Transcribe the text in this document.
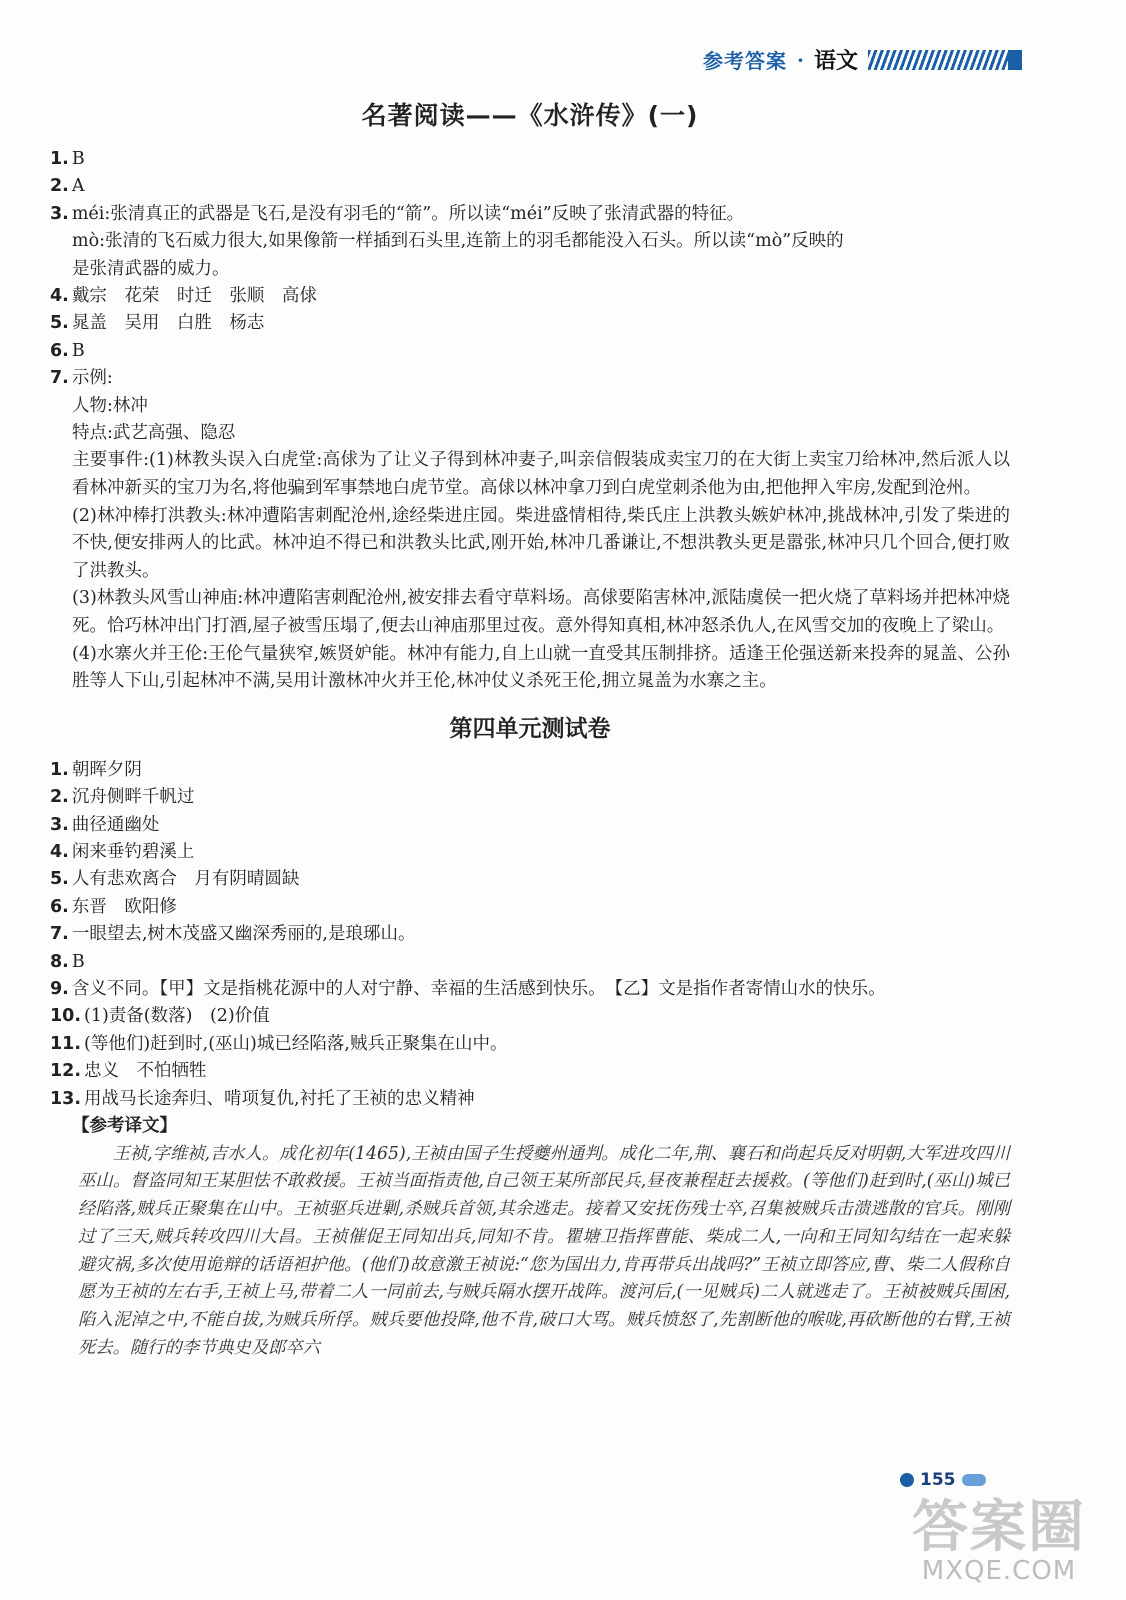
参考答案 · 语文
名著阅读——《水浒传》(一)
1. B
2. A
3. méi:张清真正的武器是飞石,是没有羽毛的“箭”。所以读“méi”反映了张清武器的特征。
mò:张清的飞石威力很大,如果像箭一样插到石头里,连箭上的羽毛都能没入石头。所以读“mò”反映的
是张清武器的威力。
4. 戴宗　花荣　时迁　张顺　高俅
5. 晁盖　吴用　白胜　杨志
6. B
7. 示例:
人物:林冲
特点:武艺高强、隐忍
主要事件:(1)林教头误入白虎堂:高俅为了让义子得到林冲妻子,叫亲信假装成卖宝刀的在大街上卖宝刀给林冲,然后派人以看林冲新买的宝刀为名,将他骗到军事禁地白虎节堂。高俅以林冲拿刀到白虎堂刺杀他为由,把他押入牢房,发配到沧州。
(2)林冲棒打洪教头:林冲遭陷害刺配沧州,途经柴进庄园。柴进盛情相待,柴氏庄上洪教头嫉妒林冲,挑战林冲,引发了柴进的不快,便安排两人的比武。林冲迫不得已和洪教头比武,刚开始,林冲几番谦让,不想洪教头更是嚣张,林冲只几个回合,便打败了洪教头。
(3)林教头风雪山神庙:林冲遭陷害刺配沧州,被安排去看守草料场。高俅要陷害林冲,派陆虞侯一把火烧了草料场并把林冲烧死。恰巧林冲出门打酒,屋子被雪压塌了,便去山神庙那里过夜。意外得知真相,林冲怒杀仇人,在风雪交加的夜晚上了梁山。
(4)水寨火并王伦:王伦气量狭窄,嫉贤妒能。林冲有能力,自上山就一直受其压制排挤。适逢王伦强送新来投奔的晁盖、公孙胜等人下山,引起林冲不满,吴用计激林冲火并王伦,林冲仗义杀死王伦,拥立晁盖为水寨之主。
第四单元测试卷
1. 朝晖夕阴
2. 沉舟侧畔千帆过
3. 曲径通幽处
4. 闲来垂钓碧溪上
5. 人有悲欢离合　月有阴晴圆缺
6. 东晋　欧阳修
7. 一眼望去,树木茂盛又幽深秀丽的,是琅琊山。
8. B
9. 含义不同。【甲】文是指桃花源中的人对宁静、幸福的生活感到快乐。　【乙】文是指作者寄情山水的快乐。
10. (1)责备(数落)　(2)价值
11. (等他们)赶到时,(巫山)城已经陷落,贼兵正聚集在山中。
12. 忠义　不怕牺牲
13. 用战马长途奔归、啃项复仇,衬托了王祯的忠义精神
【参考译文】
王祯,字维祯,吉水人。成化初年(1465),王祯由国子生授夔州通判。成化二年,荆、襄石和尚起兵反对明朝,大军进攻四川巫山。督盗同知王某胆怯不敢救援。王祯当面指责他,自己领王某所部民兵,昼夜兼程赶去援救。(等他们)赶到时,(巫山)城已经陷落,贼兵正聚集在山中。王祯驱兵进剿,杀贼兵首领,其余逃走。接着又安抚伤残士卒,召集被贼兵击溃逃散的官兵。刚刚过了三天,贼兵转攻四川大昌。王祯催促王同知出兵,同知不肯。瞿塘卫指挥曹能、柴成二人,一向和王同知勾结在一起来躲避灾祸,多次使用诡辩的话语袒护他。(他们)故意激王祯说:“您为国出力,肯再带兵出战吗?”王祯立即答应,曹、柴二人假称自愿为王祯的左右手,王祯上马,带着二人一同前去,与贼兵隔水摆开战阵。渡河后,(一见贼兵)二人就逃走了。王祯被贼兵围困,陷入泥淖之中,不能自拔,为贼兵所俘。贼兵要他投降,他不肯,破口大骂。贼兵愤怒了,先割断他的喉咙,再砍断他的右臂,王祯死去。随行的李节典史及郎卒六
155
答案圈
MXQE.COM
